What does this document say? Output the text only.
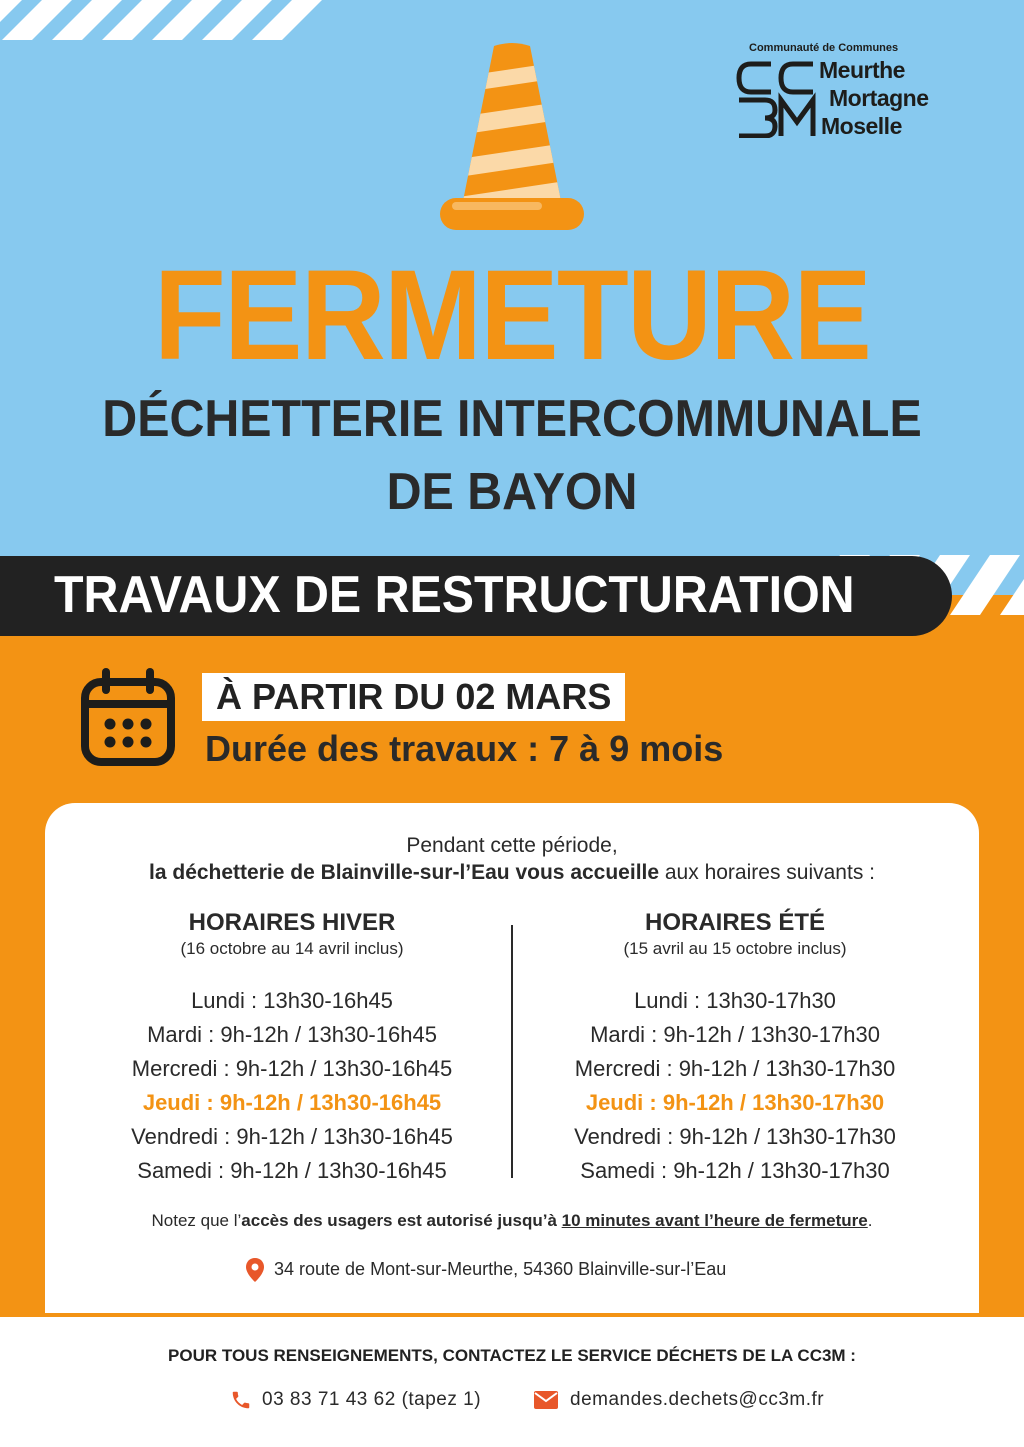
Communauté de Communes
Meurthe
Mortagne
Moselle
FERMETURE
DÉCHETTERIE INTERCOMMUNALE
DE BAYON
TRAVAUX DE RESTRUCTURATION
À PARTIR DU 02 MARS
Durée des travaux : 7 à 9 mois
Pendant cette période,
la déchetterie de Blainville-sur-l’Eau vous accueille aux horaires suivants :
HORAIRES HIVER
(16 octobre au 14 avril inclus)
Lundi : 13h30-16h45
Mardi : 9h-12h / 13h30-16h45
Mercredi : 9h-12h / 13h30-16h45
Jeudi : 9h-12h / 13h30-16h45
Vendredi : 9h-12h / 13h30-16h45
Samedi : 9h-12h / 13h30-16h45
HORAIRES ÉTÉ
(15 avril au 15 octobre inclus)
Lundi : 13h30-17h30
Mardi : 9h-12h / 13h30-17h30
Mercredi : 9h-12h / 13h30-17h30
Jeudi : 9h-12h / 13h30-17h30
Vendredi : 9h-12h / 13h30-17h30
Samedi : 9h-12h / 13h30-17h30
Notez que l’accès des usagers est autorisé jusqu’à 10 minutes avant l’heure de fermeture.
34 route de Mont-sur-Meurthe, 54360 Blainville-sur-l’Eau
POUR TOUS RENSEIGNEMENTS, CONTACTEZ LE SERVICE DÉCHETS DE LA CC3M :
03 83 71 43 62 (tapez 1)	demandes.dechets@cc3m.fr
